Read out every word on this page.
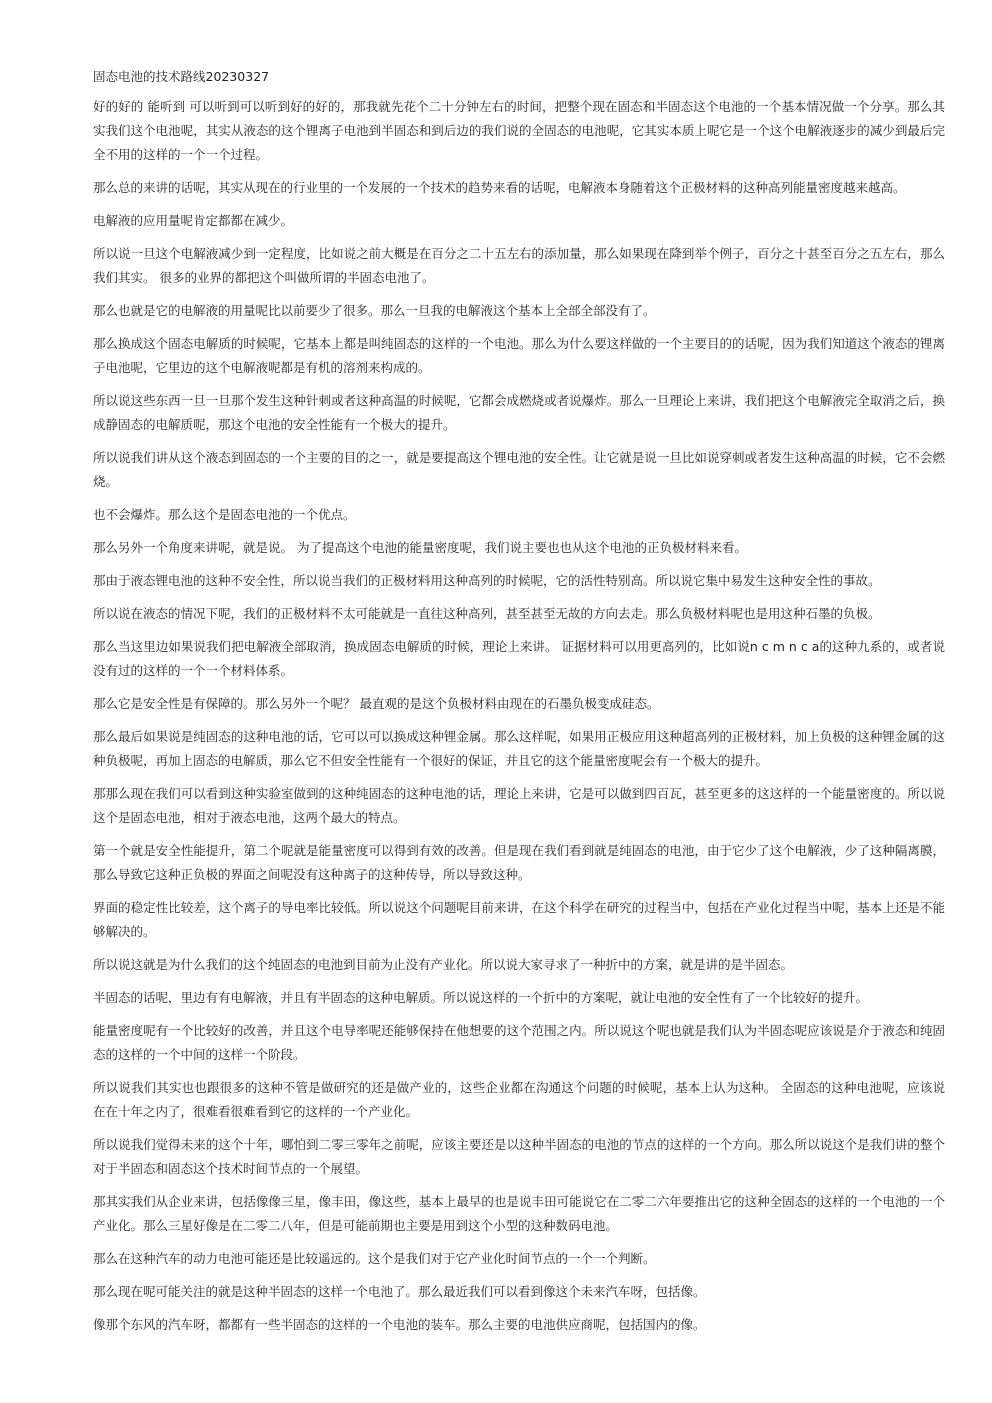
固态电池的技术路线20230327

好的好的 能听到 可以听到可以听到好的好的，那我就先花个二十分钟左右的时间，把整个现在固态和半固态这个电池的一个基本情况做一个分享。那么其实我们这个电池呢，其实从液态的这个锂离子电池到半固态和到后边的我们说的全固态的电池呢，它其实本质上呢它是一个这个电解液逐步的减少到最后完全不用的这样的一个一个过程。

那么总的来讲的话呢，其实从现在的行业里的一个发展的一个技术的趋势来看的话呢，电解液本身随着这个正极材料的这种高列能量密度越来越高。

电解液的应用量呢肯定都都在减少。

所以说一旦这个电解液减少到一定程度，比如说之前大概是在百分之二十五左右的添加量，那么如果现在降到举个例子，百分之十甚至百分之五左右，那么我们其实。 很多的业界的都把这个叫做所谓的半固态电池了。

那么也就是它的电解液的用量呢比以前要少了很多。那么一旦我的电解液这个基本上全部全部没有了。

那么换成这个固态电解质的时候呢，它基本上都是叫纯固态的这样的一个电池。那么为什么要这样做的一个主要目的的话呢，因为我们知道这个液态的锂离子电池呢，它里边的这个电解液呢都是有机的溶剂来构成的。

所以说这些东西一旦一旦那个发生这种针刺或者这种高温的时候呢，它都会成燃烧或者说爆炸。那么一旦理论上来讲，我们把这个电解液完全取消之后，换成静固态的电解质呢，那这个电池的安全性能有一个极大的提升。

所以说我们讲从这个液态到固态的一个主要的目的之一，就是要提高这个锂电池的安全性。让它就是说一旦比如说穿刺或者发生这种高温的时候，它不会燃烧。

也不会爆炸。那么这个是固态电池的一个优点。

那么另外一个角度来讲呢，就是说。 为了提高这个电池的能量密度呢，我们说主要也也从这个电池的正负极材料来看。

那由于液态锂电池的这种不安全性，所以说当我们的正极材料用这种高列的时候呢，它的活性特别高。所以说它集中易发生这种安全性的事故。

所以说在液态的情况下呢，我们的正极材料不太可能就是一直往这种高列，甚至甚至无故的方向去走。那么负极材料呢也是用这种石墨的负极。

那么当这里边如果说我们把电解液全部取消，换成固态电解质的时候，理论上来讲。 证据材料可以用更高列的，比如说n c m n c a的这种九系的，或者说没有过的这样的一个一个材料体系。

那么它是安全性是有保障的。那么另外一个呢？ 最直观的是这个负极材料由现在的石墨负极变成硅态。

那么最后如果说是纯固态的这种电池的话，它可以可以换成这种锂金属。那么这样呢，如果用正极应用这种超高列的正极材料，加上负极的这种锂金属的这种负极呢，再加上固态的电解质，那么它不但安全性能有一个很好的保证，并且它的这个能量密度呢会有一个极大的提升。

那那么现在我们可以看到这种实验室做到的这种纯固态的这种电池的话，理论上来讲，它是可以做到四百瓦，甚至更多的这这样的一个能量密度的。所以说这个是固态电池，相对于液态电池，这两个最大的特点。

第一个就是安全性能提升，第二个呢就是能量密度可以得到有效的改善。但是现在我们看到就是纯固态的电池，由于它少了这个电解液，少了这种隔离膜，那么导致它这种正负极的界面之间呢没有这种离子的这种传导，所以导致这种。

界面的稳定性比较差，这个离子的导电率比较低。所以说这个问题呢目前来讲，在这个科学在研究的过程当中，包括在产业化过程当中呢，基本上还是不能够解决的。

所以说这就是为什么我们的这个纯固态的电池到目前为止没有产业化。所以说大家寻求了一种折中的方案，就是讲的是半固态。

半固态的话呢，里边有有电解液，并且有半固态的这种电解质。所以说这样的一个折中的方案呢，就让电池的安全性有了一个比较好的提升。

能量密度呢有一个比较好的改善，并且这个电导率呢还能够保持在他想要的这个范围之内。所以说这个呢也就是我们认为半固态呢应该说是介于液态和纯固态的这样的一个中间的这样一个阶段。

所以说我们其实也也跟很多的这种不管是做研究的还是做产业的，这些企业都在沟通这个问题的时候呢，基本上认为这种。 全固态的这种电池呢，应该说在在十年之内了，很难看很难看到它的这样的一个产业化。

所以说我们觉得未来的这个十年，哪怕到二零三零年之前呢，应该主要还是以这种半固态的电池的节点的这样的一个方向。那么所以说这个是我们讲的整个对于半固态和固态这个技术时间节点的一个展望。

那其实我们从企业来讲，包括像像三星，像丰田，像这些，基本上最早的也是说丰田可能说它在二零二六年要推出它的这种全固态的这样的一个电池的一个产业化。那么三星好像是在二零二八年，但是可能前期也主要是用到这个小型的这种数码电池。

那么在这种汽车的动力电池可能还是比较遥远的。这个是我们对于它产业化时间节点的一个一个判断。

那么现在呢可能关注的就是这种半固态的这样一个电池了。那么最近我们可以看到像这个未来汽车呀，包括像。

像那个东风的汽车呀，都都有一些半固态的这样的一个电池的装车。那么主要的电池供应商呢，包括国内的像。
